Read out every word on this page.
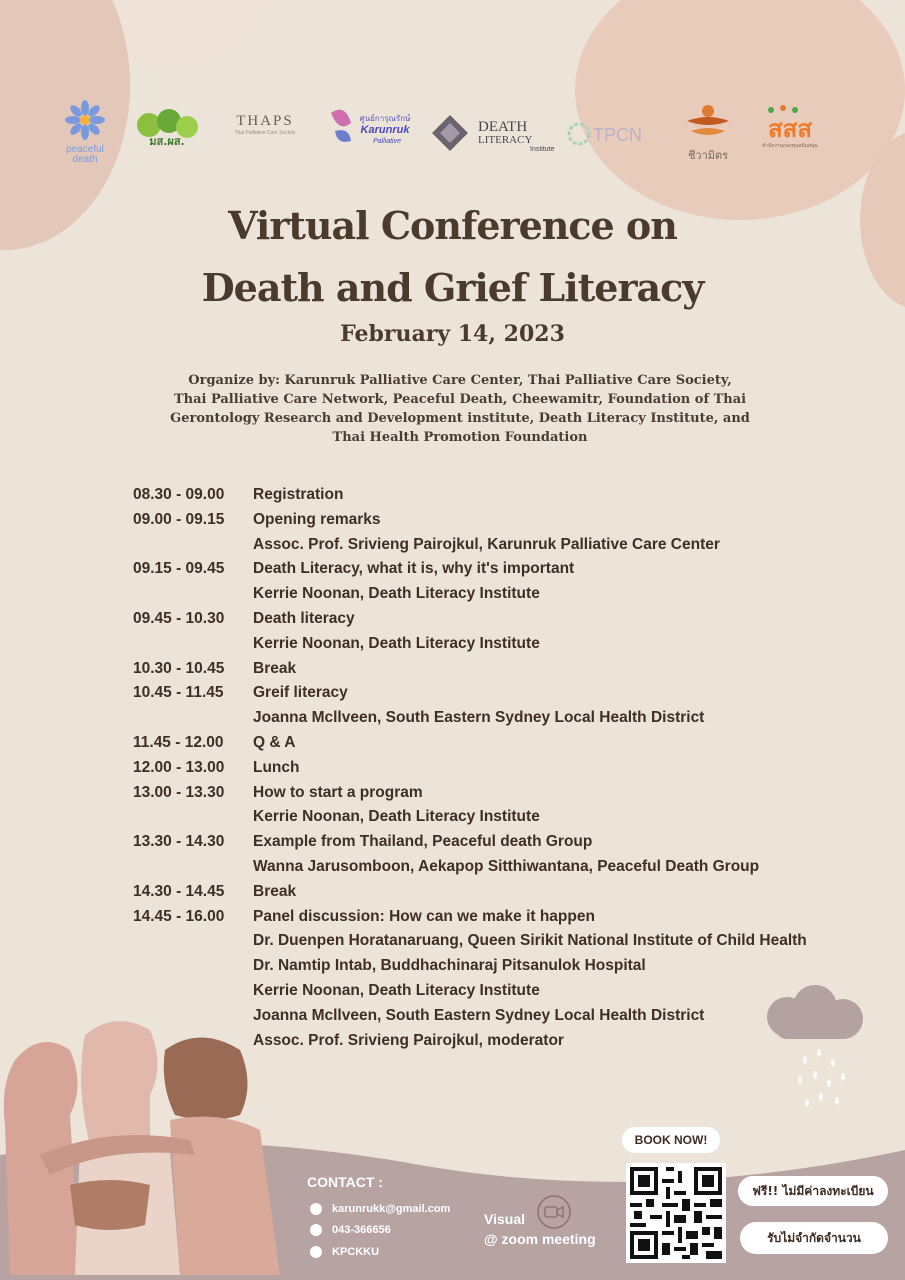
peaceful
death
มส.ผส.
THAPS
Thai Palliative Care Society
ศูนย์การุณรักษ์
Karunruk
Palliative
DEATH
LITERACY
Institute
TPCN
ชีวามิตร
สสส
สำนักงานกองทุนสนับสนุน
Virtual Conference on
Death and Grief Literacy
February 14, 2023
Organize by: Karunruk Palliative Care Center, Thai Palliative Care Society,
Thai Palliative Care Network, Peaceful Death, Cheewamitr, Foundation of Thai
Gerontology Research and Development institute, Death Literacy Institute, and
Thai Health Promotion Foundation
08.30 - 09.00 Registration
09.00 - 09.15 Opening remarks
Assoc. Prof. Srivieng Pairojkul, Karunruk Palliative Care Center
09.15 - 09.45 Death Literacy, what it is, why it's important
Kerrie Noonan, Death Literacy Institute
09.45 - 10.30 Death literacy
Kerrie Noonan, Death Literacy Institute
10.30 - 10.45 Break
10.45 - 11.45 Greif literacy
Joanna Mcllveen, South Eastern Sydney Local Health District
11.45 - 12.00 Q & A
12.00 - 13.00 Lunch
13.00 - 13.30 How to start a program
Kerrie Noonan, Death Literacy Institute
13.30 - 14.30 Example from Thailand, Peaceful death Group
Wanna Jarusomboon, Aekapop Sitthiwantana, Peaceful Death Group
14.30 - 14.45 Break
14.45 - 16.00 Panel discussion: How can we make it happen
Dr. Duenpen Horatanaruang, Queen Sirikit National Institute of Child Health
Dr. Namtip Intab, Buddhachinaraj Pitsanulok Hospital
Kerrie Noonan, Death Literacy Institute
Joanna Mcllveen, South Eastern Sydney Local Health District
Assoc. Prof. Srivieng Pairojkul, moderator
CONTACT :
karunrukk@gmail.com
043-366656
KPCKKU
Visual
@ zoom meeting
BOOK NOW!
ฟรี!! ไม่มีค่าลงทะเบียน
รับไม่จำกัดจำนวน
